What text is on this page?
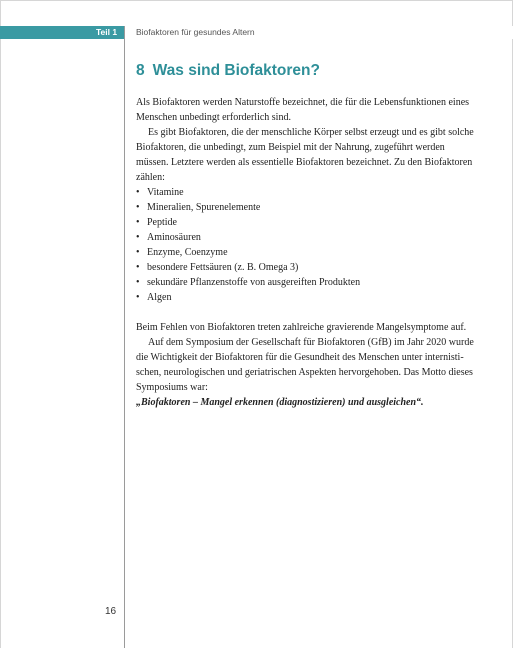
Teil 1 Biofaktoren für gesundes Altern
8 Was sind Biofaktoren?

Als Biofaktoren werden Naturstoffe bezeichnet, die für die Lebensfunktionen eines Menschen unbedingt erforderlich sind.

Es gibt Biofaktoren, die der menschliche Körper selbst erzeugt und es gibt solche Biofaktoren, die unbedingt, zum Beispiel mit der Nahrung, zugeführt werden müssen. Letztere werden als essentielle Biofaktoren bezeichnet. Zu den Biofaktoren zählen:

• Vitamine
• Mineralien, Spurenelemente
• Peptide
• Aminosäuren
• Enzyme, Coenzyme
• besondere Fettsäuren (z. B. Omega 3)
• sekundäre Pflanzenstoffe von ausgereiften Produkten
• Algen

Beim Fehlen von Biofaktoren treten zahlreiche gravierende Mangelsymptome auf.

Auf dem Symposium der Gesellschaft für Biofaktoren (GfB) im Jahr 2020 wurde die Wichtigkeit der Biofaktoren für die Gesundheit des Menschen unter internistischen, neurologischen und geriatrischen Aspekten hervorgehoben. Das Motto dieses Symposiums war:

„Biofaktoren – Mangel erkennen (diagnostizieren) und ausgleichen“.

16
